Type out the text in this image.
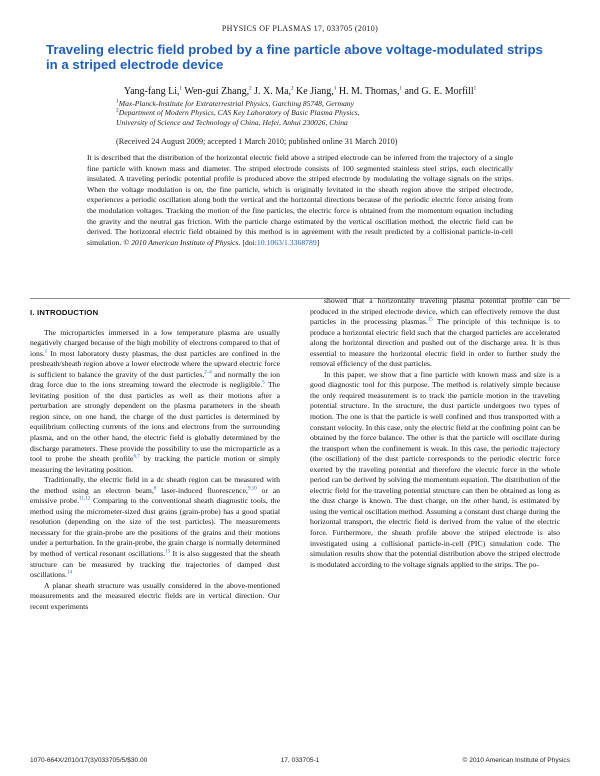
PHYSICS OF PLASMAS 17, 033705 (2010)
Traveling electric field probed by a fine particle above voltage-modulated strips in a striped electrode device
Yang-fang Li,$^1$ Wen-gui Zhang,$^2$ J. X. Ma,$^2$ Ke Jiang,$^1$ H. M. Thomas,$^1$ and G. E. Morfill$^1$
$^1$Max-Planck-Institute for Extraterrestrial Physics, Garching 85748, Germany
$^2$Department of Modern Physics, CAS Key Laboratory of Basic Plasma Physics,
University of Science and Technology of China, Hefei, Anhui 230026, China
(Received 24 August 2009; accepted 1 March 2010; published online 31 March 2010)
It is described that the distribution of the horizontal electric field above a striped electrode can be inferred from the trajectory of a single fine particle with known mass and diameter. The striped electrode consists of 100 segmented stainless steel strips, each electrically insulated. A traveling periodic potential profile is produced above the striped electrode by modulating the voltage signals on the strips. When the voltage modulation is on, the fine particle, which is originally levitated in the sheath region above the striped electrode, experiences a periodic oscillation along both the vertical and the horizontal directions because of the periodic electric force arising from the modulation voltages. Tracking the motion of the fine particles, the electric force is obtained from the momentum equation including the gravity and the neutral gas friction. With the particle charge estimated by the vertical oscillation method, the electric field can be derived. The horizontal electric field obtained by this method is in agreement with the result predicted by a collisional particle-in-cell simulation. © 2010 American Institute of Physics. [doi:10.1063/1.3368789]
I. INTRODUCTION

The microparticles immersed in a low temperature plasma are usually negatively charged because of the high mobility of electrons compared to that of ions.$^1$ In most laboratory dusty plasmas, the dust particles are confined in the presheath/sheath region above a lower electrode where the upward electric force is sufficient to balance the gravity of the dust particles,$^{2-4}$ and normally the ion drag force due to the ions streaming toward the electrode is negligible.$^5$ The levitating position of the dust particles as well as their motions after a perturbation are strongly dependent on the plasma parameters in the sheath region since, on one hand, the charge of the dust particles is determined by equilibrium collecting currents of the ions and electrons from the surrounding plasma, and on the other hand, the electric field is globally determined by the discharge parameters. These provide the possibility to use the microparticle as a tool to probe the sheath profile$^{6,7}$ by tracking the particle motion or simply measuring the levitating position.

Traditionally, the electric field in a dc sheath region can be measured with the method using an electron beam,$^8$ laser-induced fluorescence,$^{9,10}$ or an emissive probe.$^{11,12}$ Comparing to the conventional sheath diagnostic tools, the method using the micrometer-sized dust grains (grain-probe) has a good spatial resolution (depending on the size of the test particles). The measurements necessary for the grain-probe are the positions of the grains and their motions under a perturbation. In the grain-probe, the grain charge is normally determined by method of vertical resonant oscillations.$^{13}$ It is also suggested that the sheath structure can be measured by tracking the trajectories of damped dust oscillations.$^{14}$

A planar sheath structure was usually considered in the above-mentioned measurements and the measured electric fields are in vertical direction. Our recent experiments

showed that a horizontally traveling plasma potential profile can be produced in the striped electrode device, which can effectively remove the dust particles in the processing plasmas.$^{15}$ The principle of this technique is to produce a horizontal electric field such that the charged particles are accelerated along the horizontal direction and pushed out of the discharge area. It is thus essential to measure the horizontal electric field in order to further study the removal efficiency of the dust particles.

In this paper, we show that a fine particle with known mass and size is a good diagnostic tool for this purpose. The method is relatively simple because the only required measurement is to track the particle motion in the traveling potential structure. In the structure, the dust particle undergoes two types of motion. The one is that the particle is well confined and thus transported with a constant velocity. In this case, only the electric field at the confining point can be obtained by the force balance. The other is that the particle will oscillate during the transport when the confinement is weak. In this case, the periodic trajectory (the oscillation) of the dust particle corresponds to the periodic electric force exerted by the traveling potential and therefore the electric force in the whole period can be derived by solving the momentum equation. The distribution of the electric field for the traveling potential structure can then be obtained as long as the dust charge is known. The dust charge, on the other hand, is estimated by using the vertical oscillation method. Assuming a constant dust charge during the horizontal transport, the electric field is derived from the value of the electric force. Furthermore, the sheath profile above the striped electrode is also investigated using a collisional particle-in-cell (PIC) simulation code. The simulation results show that the potential distribution above the striped electrode is modulated according to the voltage signals applied to the strips. The po-

1070-664X/2010/17(3)/033705/5/$30.00	17, 033705-1	© 2010 American Institute of Physics
